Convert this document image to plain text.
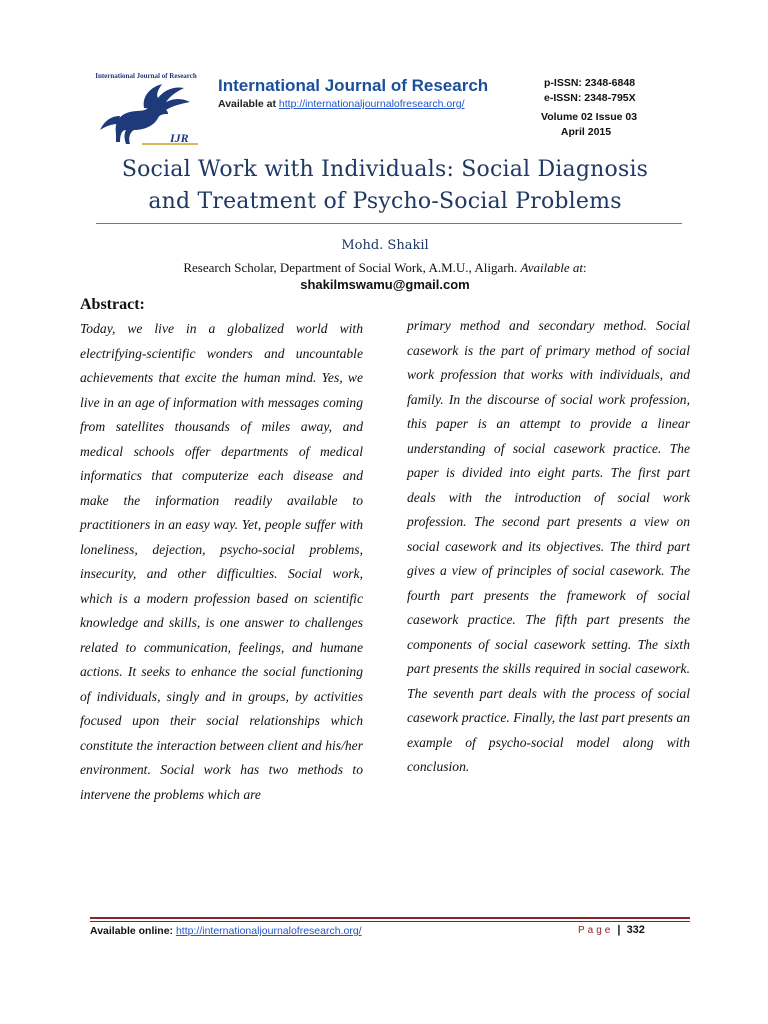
International Journal of Research
IJR
International Journal of Research
Available at http://internationaljournalofresearch.org/
p-ISSN: 2348-6848
e-ISSN: 2348-795X
Volume 02 Issue 03
April 2015
Social Work with Individuals: Social Diagnosis
and Treatment of Psycho-Social Problems
Mohd. Shakil
Research Scholar, Department of Social Work, A.M.U., Aligarh. Available at:
shakilmswamu@gmail.com
Abstract:
Today, we live in a globalized world with electrifying-scientific wonders and uncountable achievements that excite the human mind. Yes, we live in an age of information with messages coming from satellites thousands of miles away, and medical schools offer departments of medical informatics that computerize each disease and make the information readily available to practitioners in an easy way. Yet, people suffer with loneliness, dejection, psycho-social problems, insecurity, and other difficulties. Social work, which is a modern profession based on scientific knowledge and skills, is one answer to challenges related to communication, feelings, and humane actions. It seeks to enhance the social functioning of individuals, singly and in groups, by activities focused upon their social relationships which constitute the interaction between client and his/her environment. Social work has two methods to intervene the problems which are
primary method and secondary method. Social casework is the part of primary method of social work profession that works with individuals, and family. In the discourse of social work profession, this paper is an attempt to provide a linear understanding of social casework practice. The paper is divided into eight parts. The first part deals with the introduction of social work profession. The second part presents a view on social casework and its objectives. The third part gives a view of principles of social casework. The fourth part presents the framework of social casework practice. The fifth part presents the components of social casework setting. The sixth part presents the skills required in social casework. The seventh part deals with the process of social casework practice. Finally, the last part presents an example of psycho-social model along with conclusion.
Available online: http://internationaljournalofresearch.org/	Page | 332
